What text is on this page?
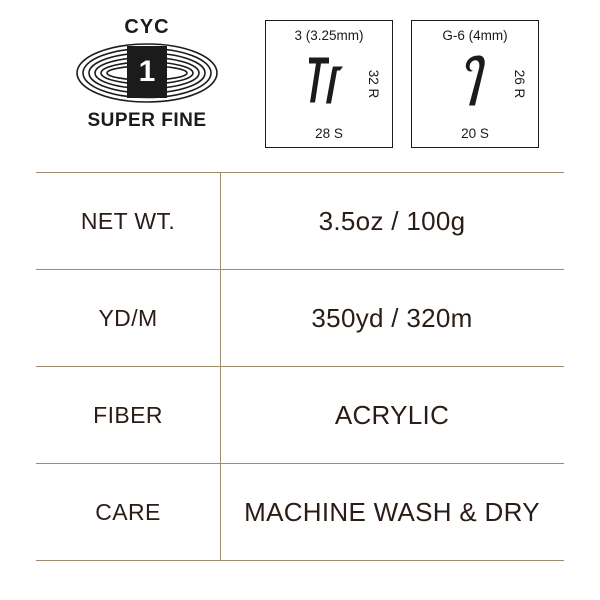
CYC
1
SUPER FINE
3 (3.25mm)
32 R
28 S
G-6 (4mm)
26 R
20 S
NET WT.	3.5oz / 100g
YD/M	350yd / 320m
FIBER	ACRYLIC
CARE	MACHINE WASH & DRY
